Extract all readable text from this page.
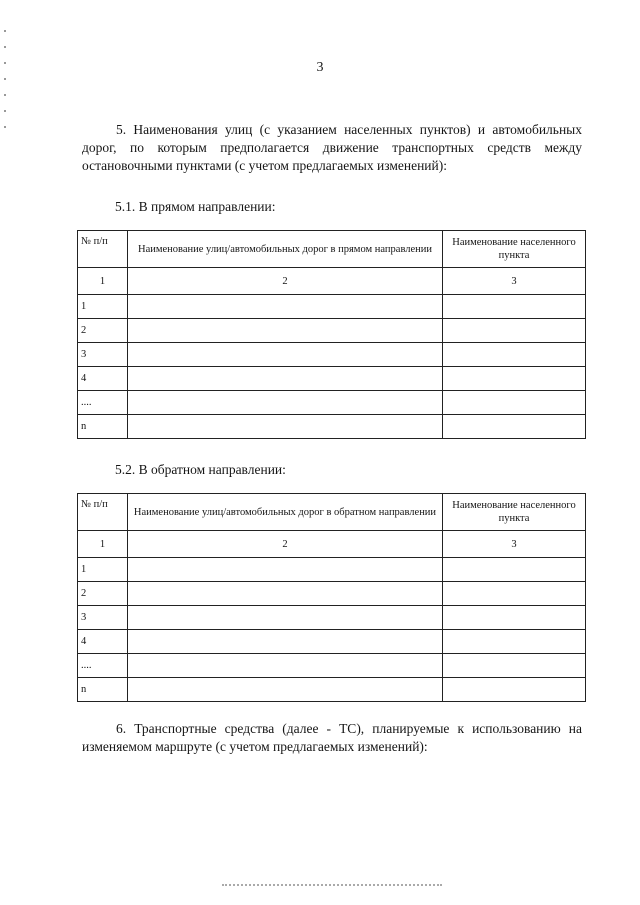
3
5. Наименования улиц (с указанием населенных пунктов) и автомобильных дорог, по которым предполагается движение транспортных средств между остановочными пунктами (с учетом предлагаемых изменений):
5.1. В прямом направлении:
№ п/п	Наименование улиц/автомобильных дорог в прямом направлении	Наименование населенного пункта
1	2	3
1		
2		
3		
4		
....		
n		
5.2. В обратном направлении:
№ п/п	Наименование улиц/автомобильных дорог в обратном направлении	Наименование населенного пункта
1	2	3
1		
2		
3		
4		
....		
n		
6. Транспортные средства (далее - ТС), планируемые к использованию на изменяемом маршруте (с учетом предлагаемых изменений):
